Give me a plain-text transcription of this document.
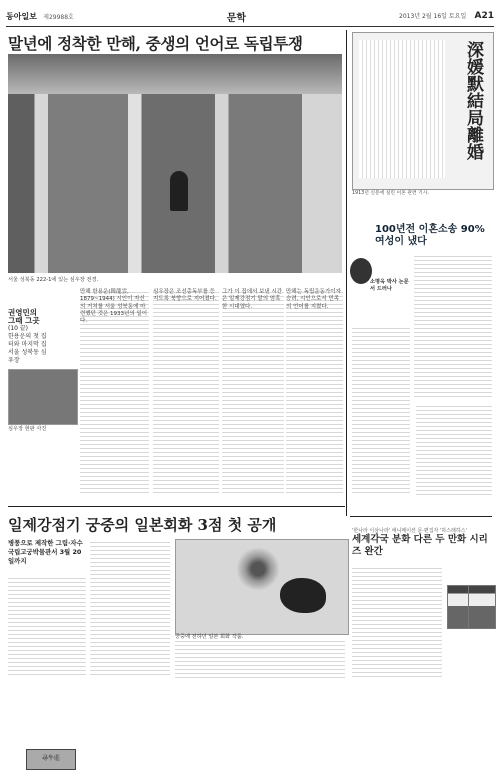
동아일보 제29988호	문학	2013년 2월 16일 토요일 A21
말년에 정착한 만해, 중생의 언어로 독립투쟁
서울 성북동 222-1에 있는 심우장 전경.
권영민의
그때 그곳
(10 끝)
한용운의 첫 집터와 마지막 집
서울 성북동 심우장
尋牛莊
심우장 현판 사진
만해 한용운(韓龍雲, 1879~1944) 시인이 자신의 거처를 서울 성북동에 마련했던 것은 1933년의 일이다.
심우장은 조선총독부를 등지도록 북향으로 지어졌다.
그가 이 집에서 보낸 시간은 일제강점기 말의 엄혹한 시대였다.
만해는 독립운동가이자 승려, 시인으로서 민족의 언어를 지켰다.
深媛默結局離婚
1913년 신문에 실린 이혼 관련 기사.
100년전 이혼소송 90% 여성이 냈다
소명옥 박사 논문서 드러나
'한나라 이삼나라' 애니메이션 문·편집자 '하스래하스'
세계각국 분화 다른 두 만화 시리즈 완간
일제강점기 궁중의 일본회화 3점 첫 공개
병풍으로 제작한 그림·자수 국립고궁박물관서 3월 20일까지
궁중에 전하던 일본 회화 작품.
